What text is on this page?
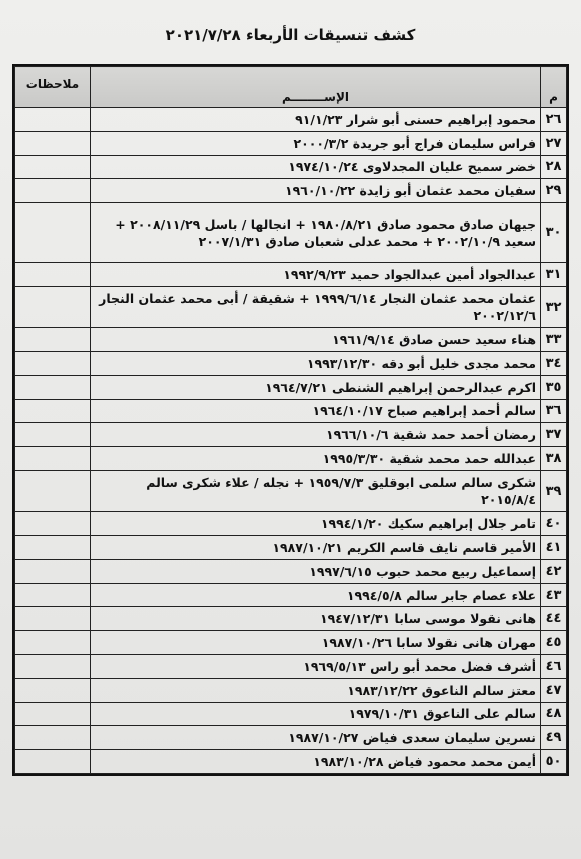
كشف تنسيقات الأربعاء ٢٠٢١/٧/٢٨
م	الإســــــــم	ملاحظات

٢٦	محمود إبراهيم حسنى أبو شرار ٩١/١/٢٣	
٢٧	فراس سليمان فراج أبو جريدة ٢٠٠٠/٣/٢	
٢٨	خضر سميح عليان المجدلاوى ١٩٧٤/١٠/٢٤	
٢٩	سفيان محمد عثمان أبو زايدة ١٩٦٠/١٠/٢٢	
٣٠	جيهان صادق محمود صادق ١٩٨٠/٨/٢١ + انجالها / باسل ٢٠٠٨/١١/٢٩ + سعيد ٢٠٠٢/١٠/٩ + محمد عدلى شعبان صادق ٢٠٠٧/١/٣١	
٣١	عبدالجواد أمين عبدالجواد حميد ١٩٩٢/٩/٢٣	
٣٢	عثمان محمد عثمان النجار ١٩٩٩/٦/١٤ + شقيقة / أبى محمد عثمان النجار ٢٠٠٢/١٢/٦	
٣٣	هناء سعيد حسن صادق ١٩٦١/٩/١٤	
٣٤	محمد مجدى خليل أبو دقه ١٩٩٣/١٢/٣٠	
٣٥	اكرم عبدالرحمن إبراهيم الشنطى ١٩٦٤/٧/٢١	
٣٦	سالم أحمد إبراهيم صباح ١٩٦٤/١٠/١٧	
٣٧	رمضان أحمد حمد شقية ١٩٦٦/١٠/٦	
٣٨	عبدالله حمد محمد شقية ١٩٩٥/٣/٣٠	
٣٩	شكرى سالم سلمى ابوقليق ١٩٥٩/٧/٣ + نجله / علاء شكرى سالم ٢٠١٥/٨/٤	
٤٠	تامر جلال إبراهيم سكيك ١٩٩٤/١/٢٠	
٤١	الأمير قاسم نايف قاسم الكريم ١٩٨٧/١٠/٢١	
٤٢	إسماعيل ربيع محمد حبوب ١٩٩٧/٦/١٥	
٤٣	علاء عصام جابر سالم ١٩٩٤/٥/٨	
٤٤	هانى نقولا موسى سابا ١٩٤٧/١٢/٣١	
٤٥	مهران هانى نقولا سابا ١٩٨٧/١٠/٢٦	
٤٦	أشرف فضل محمد أبو راس ١٩٦٩/٥/١٣	
٤٧	معتز سالم الناعوق ١٩٨٣/١٢/٢٢	
٤٨	سالم على الناعوق ١٩٧٩/١٠/٣١	
٤٩	نسرين سليمان سعدى فياض ١٩٨٧/١٠/٢٧	
٥٠	أيمن محمد محمود فياض ١٩٨٣/١٠/٢٨	
